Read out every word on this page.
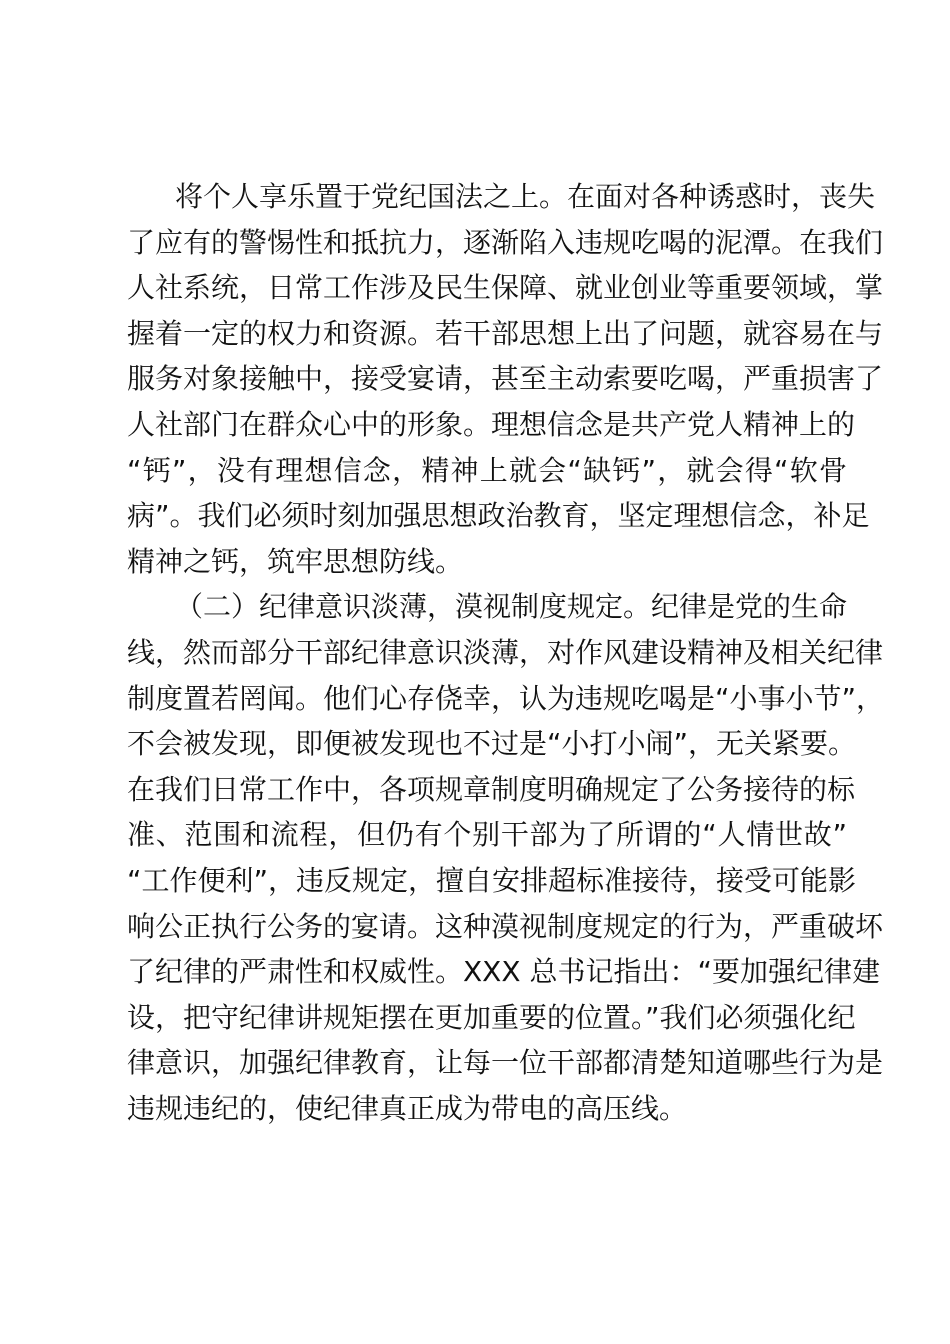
将个人享乐置于党纪国法之上。在面对各种诱惑时，丧失
了应有的警惕性和抵抗力，逐渐陷入违规吃喝的泥潭。在我们
人社系统，日常工作涉及民生保障、就业创业等重要领域，掌
握着一定的权力和资源。若干部思想上出了问题，就容易在与
服务对象接触中，接受宴请，甚至主动索要吃喝，严重损害了
人社部门在群众心中的形象。理想信念是共产党人精神上的
“钙”，没有理想信念，精神上就会“缺钙”，就会得“软骨
病”。我们必须时刻加强思想政治教育，坚定理想信念，补足
精神之钙，筑牢思想防线。
（二）纪律意识淡薄，漠视制度规定。纪律是党的生命
线，然而部分干部纪律意识淡薄，对作风建设精神及相关纪律
制度置若罔闻。他们心存侥幸，认为违规吃喝是“小事小节”，
不会被发现，即便被发现也不过是“小打小闹”，无关紧要。
在我们日常工作中，各项规章制度明确规定了公务接待的标
准、范围和流程，但仍有个别干部为了所谓的“人情世故”
“工作便利”，违反规定，擅自安排超标准接待，接受可能影
响公正执行公务的宴请。这种漠视制度规定的行为，严重破坏
了纪律的严肃性和权威性。XXX 总书记指出：“要加强纪律建
设，把守纪律讲规矩摆在更加重要的位置。”我们必须强化纪
律意识，加强纪律教育，让每一位干部都清楚知道哪些行为是
违规违纪的，使纪律真正成为带电的高压线。
